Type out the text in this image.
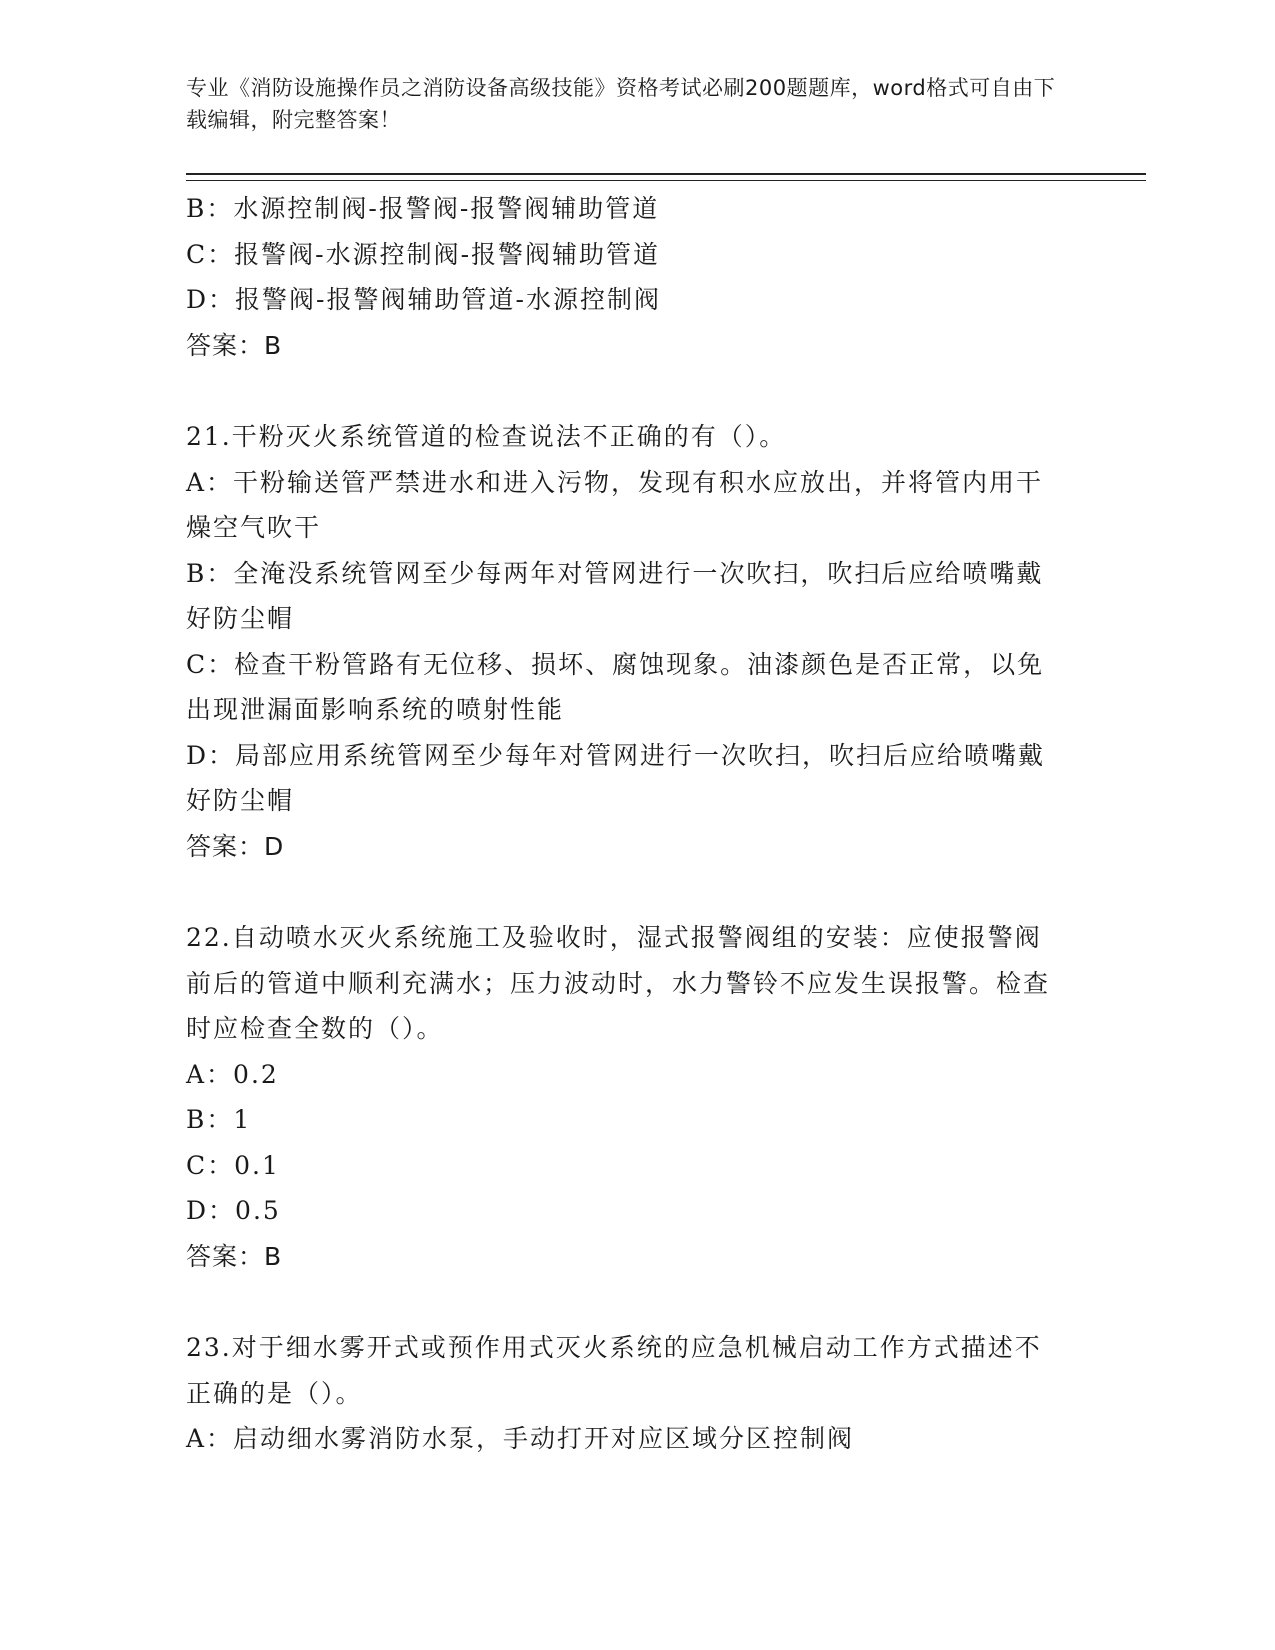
专业《消防设施操作员之消防设备高级技能》资格考试必刷200题题库，word格式可自由下载编辑，附完整答案！

B：水源控制阀-报警阀-报警阀辅助管道

C：报警阀-水源控制阀-报警阀辅助管道

D：报警阀-报警阀辅助管道-水源控制阀

答案：B

21.干粉灭火系统管道的检查说法不正确的有（）。

A：干粉输送管严禁进水和进入污物，发现有积水应放出，并将管内用干燥空气吹干

B：全淹没系统管网至少每两年对管网进行一次吹扫，吹扫后应给喷嘴戴好防尘帽

C：检查干粉管路有无位移、损坏、腐蚀现象。油漆颜色是否正常，以免出现泄漏面影响系统的喷射性能

D：局部应用系统管网至少每年对管网进行一次吹扫，吹扫后应给喷嘴戴好防尘帽

答案：D

22.自动喷水灭火系统施工及验收时，湿式报警阀组的安装：应使报警阀前后的管道中顺利充满水；压力波动时，水力警铃不应发生误报警。检查时应检查全数的（）。

A：0.2

B：1

C：0.1

D：0.5

答案：B

23.对于细水雾开式或预作用式灭火系统的应急机械启动工作方式描述不正确的是（）。

A：启动细水雾消防水泵，手动打开对应区域分区控制阀
